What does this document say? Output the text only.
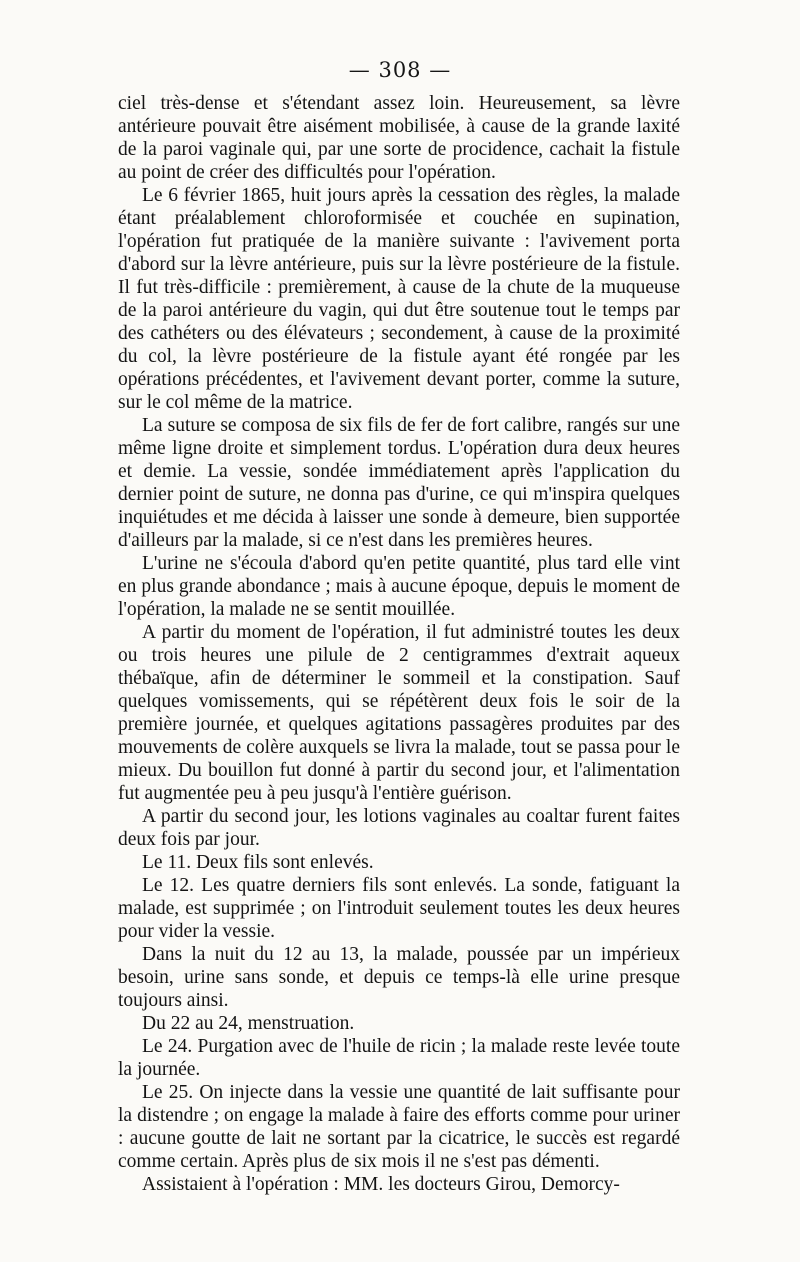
— 308 —

ciel très-dense et s'étendant assez loin. Heureusement, sa lèvre antérieure pouvait être aisément mobilisée, à cause de la grande laxité de la paroi vaginale qui, par une sorte de procidence, cachait la fistule au point de créer des difficultés pour l'opération.

Le 6 février 1865, huit jours après la cessation des règles, la malade étant préalablement chloroformisée et couchée en supination, l'opération fut pratiquée de la manière suivante : l'avivement porta d'abord sur la lèvre antérieure, puis sur la lèvre postérieure de la fistule. Il fut très-difficile : premièrement, à cause de la chute de la muqueuse de la paroi antérieure du vagin, qui dut être soutenue tout le temps par des cathéters ou des élévateurs ; secondement, à cause de la proximité du col, la lèvre postérieure de la fistule ayant été rongée par les opérations précédentes, et l'avivement devant porter, comme la suture, sur le col même de la matrice.

La suture se composa de six fils de fer de fort calibre, rangés sur une même ligne droite et simplement tordus. L'opération dura deux heures et demie. La vessie, sondée immédiatement après l'application du dernier point de suture, ne donna pas d'urine, ce qui m'inspira quelques inquiétudes et me décida à laisser une sonde à demeure, bien supportée d'ailleurs par la malade, si ce n'est dans les premières heures.

L'urine ne s'écoula d'abord qu'en petite quantité, plus tard elle vint en plus grande abondance ; mais à aucune époque, depuis le moment de l'opération, la malade ne se sentit mouillée.

A partir du moment de l'opération, il fut administré toutes les deux ou trois heures une pilule de 2 centigrammes d'extrait aqueux thébaïque, afin de déterminer le sommeil et la constipation. Sauf quelques vomissements, qui se répétèrent deux fois le soir de la première journée, et quelques agitations passagères produites par des mouvements de colère auxquels se livra la malade, tout se passa pour le mieux. Du bouillon fut donné à partir du second jour, et l'alimentation fut augmentée peu à peu jusqu'à l'entière guérison.

A partir du second jour, les lotions vaginales au coaltar furent faites deux fois par jour.

Le 11. Deux fils sont enlevés.

Le 12. Les quatre derniers fils sont enlevés. La sonde, fatiguant la malade, est supprimée ; on l'introduit seulement toutes les deux heures pour vider la vessie.

Dans la nuit du 12 au 13, la malade, poussée par un impérieux besoin, urine sans sonde, et depuis ce temps-là elle urine presque toujours ainsi.

Du 22 au 24, menstruation.

Le 24. Purgation avec de l'huile de ricin ; la malade reste levée toute la journée.

Le 25. On injecte dans la vessie une quantité de lait suffisante pour la distendre ; on engage la malade à faire des efforts comme pour uriner : aucune goutte de lait ne sortant par la cicatrice, le succès est regardé comme certain. Après plus de six mois il ne s'est pas démenti.

Assistaient à l'opération : MM. les docteurs Girou, Demorcy-
